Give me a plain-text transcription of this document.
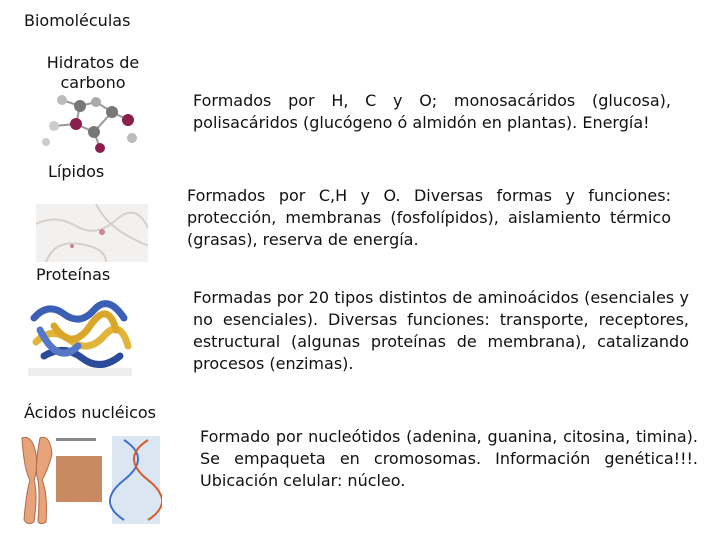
Biomoléculas
Hidratos de carbono
Formados por H, C y O; monosacáridos (glucosa), polisacáridos (glucógeno ó almidón en plantas). Energía!
Lípidos
Formados por C,H y O. Diversas formas y funciones: protección, membranas (fosfolípidos), aislamiento térmico (grasas), reserva de energía.
Proteínas
Formadas por 20 tipos distintos de aminoácidos (esenciales y no esenciales). Diversas funciones: transporte, receptores, estructural (algunas proteínas de membrana), catalizando procesos (enzimas).
Ácidos nucléicos
Formado por nucleótidos (adenina, guanina, citosina, timina). Se empaqueta en cromosomas. Información genética!!!. Ubicación celular: núcleo.
